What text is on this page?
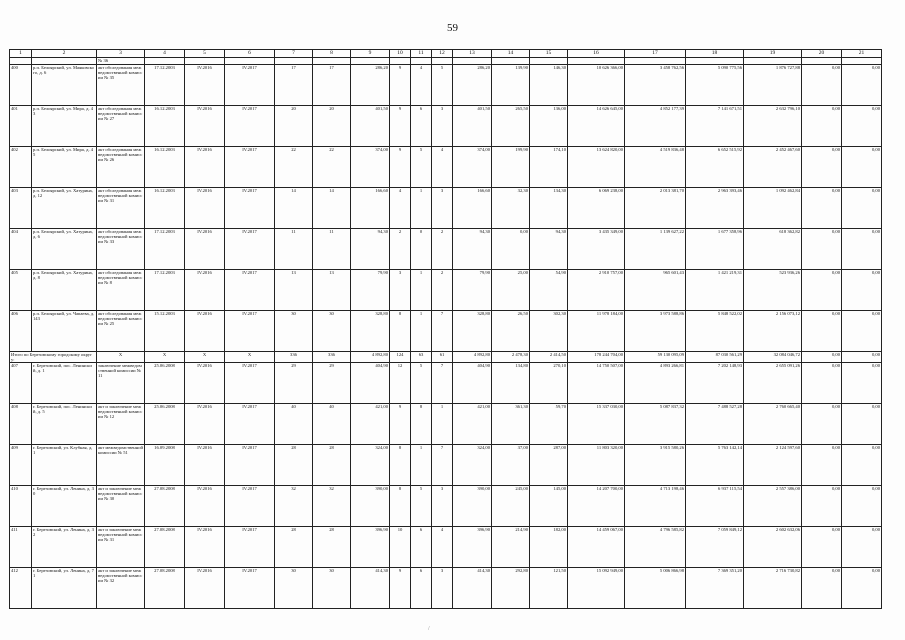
59
1	2	3	4	5	6	7	8	9	10	11	12	13	14	15	16	17	18	19	20	21
		№ 36																		
400	р.п. Белоярский, ул. Маяковского, д. 6	акт обследования межведомственной комиссии № 35	17.12.2003	IV.2016	IV.2017	17	17	286,20	9	4	5	286,20	139,90	146,30	10 626 366,00	3 458 762,56	5 090 775,56	1 876 727,88	0,00	0,00
401	р.п. Белоярский, ул. Мира, д. 43	акт обследования межведомственной комиссии № 27	16.12.2003	IV.2016	IV.2017	20	20	401,50	9	6	3	401,50	265,50	136,00	14 626 645,00	4 852 177,39	7 141 671,51	2 632 796,10	0,00	0,00
402	р.п. Белоярский, ул. Мира, д. 45	акт обследования межведомственной комиссии № 26	16.12.2003	IV.2016	IV.2017	22	22	374,00	9	5	4	374,00	199,90	174,10	13 624 820,00	4 519 836,48	6 652 515,92	2 452 467,60	0,00	0,00
403	р.п. Белоярский, ул. Хатурина, д. 12	акт обследования межведомственной комиссии № 31	16.12.2003	IV.2016	IV.2017	14	14	166,60	4	1	3	166,60	32,30	134,30	6 069 238,00	2 013 381,70	2 963 393,46	1 092 462,84	0,00	0,00
404	р.п. Белоярский, ул. Хатурина, д. 6	акт обследования межведомственной комиссии № 33	17.12.2003	IV.2016	IV.2017	11	11	94,30	2	0	2	94,30	0,00	94,30	3 435 349,00	1 139 627,22	1 677 358,96	618 362,82	0,00	0,00
405	р.п. Белоярский, ул. Хатурина, д. 8	акт обследования межведомственной комиссии № 8	17.12.2003	IV.2016	IV.2017	13	13	79,90	3	1	2	79,90	25,00	54,90	2 910 757,00	965 601,43	1 421 219,31	523 936,26	0,00	0,00
406	р.п. Белоярский, ул. Чапаева, д. 143	акт обследования межведомственной комиссии № 25	15.12.2003	IV.2016	IV.2017	30	30	328,80	8	1	7	328,80	26,50	302,30	11 978 184,00	3 973 588,86	5 848 522,02	2 156 073,12	0,00	0,00
Итого по Березовскому городскому округу:		X	X	X	X	336	336	4 892,80	124	63	61	4 892,80	2 478,30	2 414,50	178 244 704,00	59 130 095,09	87 030 561,29	32 084 046,72	0,00	0,00
407	г. Березовский, пос. Ленинский, д. 1	заключение межведомственной комиссии № 11	25.06.2008	IV.2016	IV.2017	29	29	404,90	12	5	7	404,90	134,80	270,10	14 750 507,00	4 893 266,81	7 202 148,93	2 655 091,26	0,00	0,00
408	г. Березовский, пос. Ленинский, д. 5	акт и заключение межведомственной комиссии № 12	25.06.2008	IV.2016	IV.2017	40	40	421,00	9	8	1	421,00	361,30	59,70	15 337 030,00	5 087 837,32	7 488 527,28	2 760 665,40	0,00	0,00
409	г. Березовский, ул. Клубная, д. 1	акт межведомственной комиссии № 51	16.09.2008	IV.2016	IV.2017	28	28	324,00	8	1	7	324,00	37,00	287,00	11 803 320,00	3 915 580,26	5 763 142,14	2 124 597,60	0,00	0,00
410	г. Березовский, ул. Ленина, д. 30	акт и заключение межведомственной комиссии № 30	27.08.2008	IV.2016	IV.2017	32	32	390,00	8	5	3	390,00	245,00	145,00	14 207 700,00	4 713 198,46	6 937 115,54	2 557 386,00	0,00	0,00
411	г. Березовский, ул. Ленина, д. 32	акт и заключение межведомственной комиссии № 31	27.08.2008	IV.2016	IV.2017	28	28	396,90	10	6	4	396,90	214,90	182,00	14 459 067,00	4 796 585,82	7 059 849,12	2 602 632,06	0,00	0,00
412	г. Березовский, ул. Ленина, д. 71	акт и заключение межведомственной комиссии № 32	27.08.2008	IV.2016	IV.2017	30	30	414,30	9	6	3	414,30	292,80	121,50	15 092 949,00	5 006 866,98	7 369 351,20	2 716 730,82	0,00	0,00
/
